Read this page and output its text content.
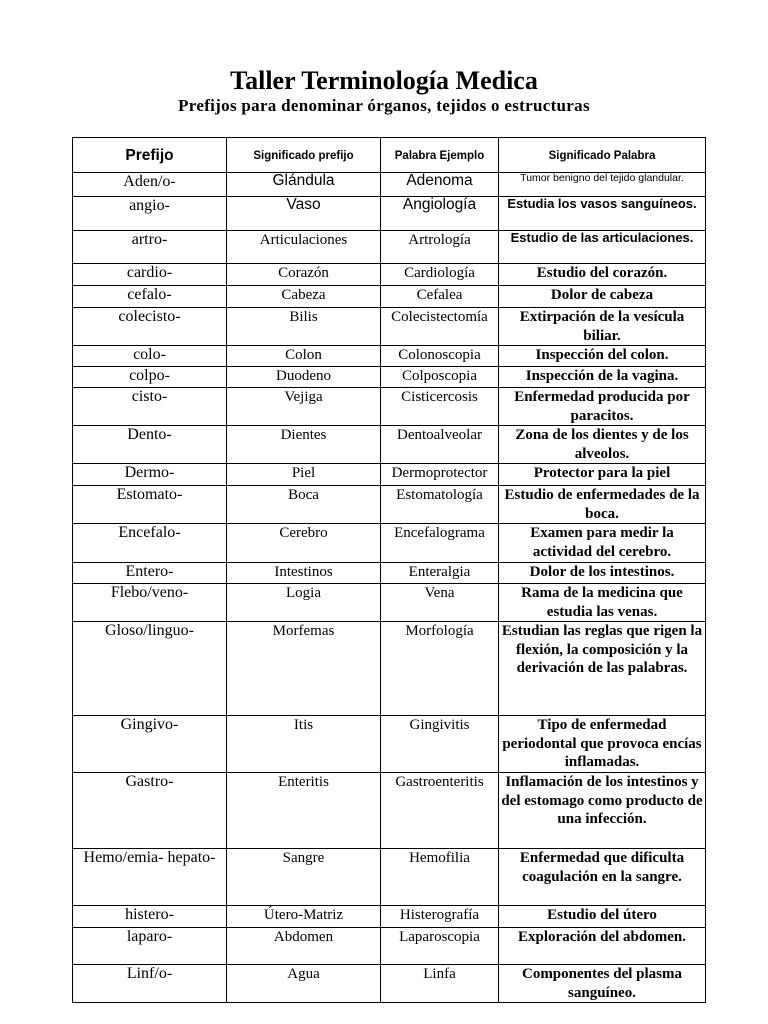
Taller Terminología Medica
Prefijos para denominar órganos, tejidos o estructuras
Prefijo	Significado prefijo	Palabra Ejemplo	Significado Palabra
Aden/o-	Glándula	Adenoma	Tumor benigno del tejido glandular.
angio-	Vaso	Angiología	Estudia los vasos sanguíneos.
artro-	Articulaciones	Artrología	Estudio de las articulaciones.
cardio-	Corazón	Cardiología	Estudio del corazón.
cefalo-	Cabeza	Cefalea	Dolor de cabeza
colecisto-	Bilis	Colecistectomía	Extirpación de la vesícula biliar.
colo-	Colon	Colonoscopia	Inspección del colon.
colpo-	Duodeno	Colposcopia	Inspección de la vagina.
cisto-	Vejiga	Cisticercosis	Enfermedad producida por paracitos.
Dento-	Dientes	Dentoalveolar	Zona de los dientes y de los alveolos.
Dermo-	Piel	Dermoprotector	Protector para la piel
Estomato-	Boca	Estomatología	Estudio de enfermedades de la boca.
Encefalo-	Cerebro	Encefalograma	Examen para medir la actividad del cerebro.
Entero-	Intestinos	Enteralgia	Dolor de los intestinos.
Flebo/veno-	Logia	Vena	Rama de la medicina que estudia las venas.
Gloso/linguo-	Morfemas	Morfología	Estudian las reglas que rigen la flexión, la composición y la derivación de las palabras.
Gingivo-	Itis	Gingivitis	Tipo de enfermedad periodontal que provoca encías inflamadas.
Gastro-	Enteritis	Gastroenteritis	Inflamación de los intestinos y del estomago como producto de una infección.
Hemo/emia- hepato-	Sangre	Hemofilia	Enfermedad que dificulta coagulación en la sangre.
histero-	Útero-Matriz	Histerografía	Estudio del útero
laparo-	Abdomen	Laparoscopia	Exploración del abdomen.
Linf/o-	Agua	Linfa	Componentes del plasma sanguíneo.
